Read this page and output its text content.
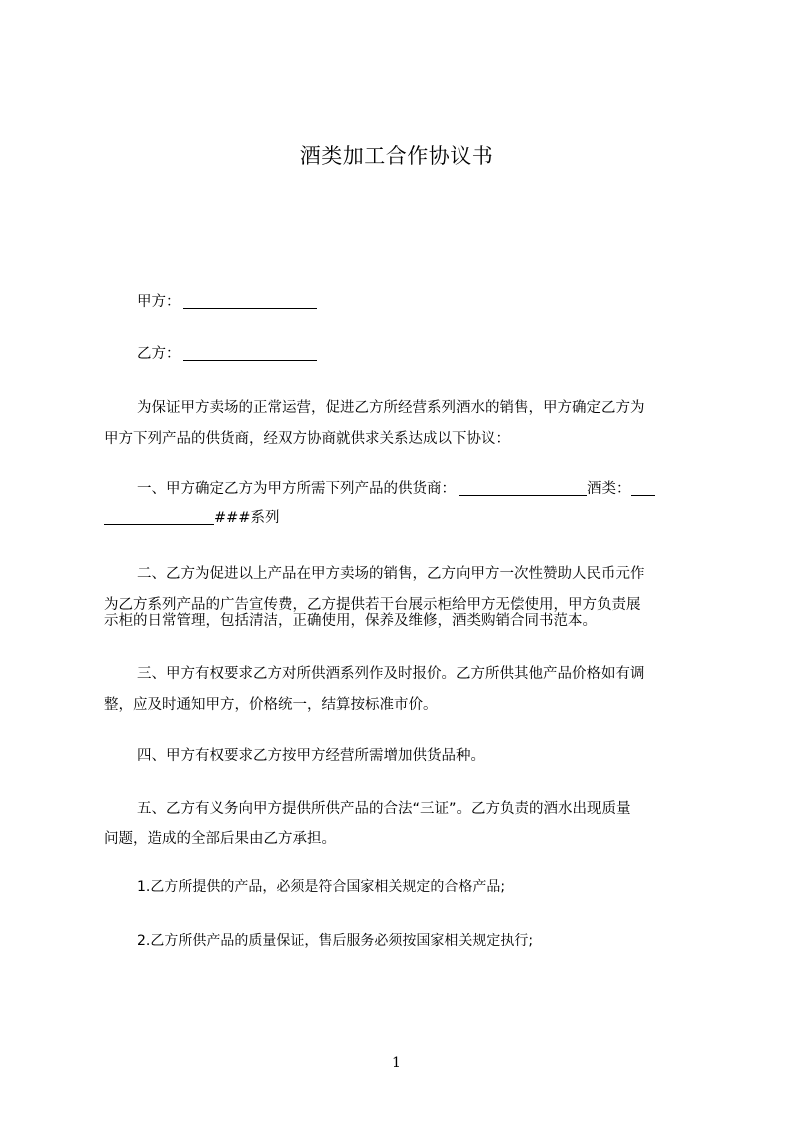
酒类加工合作协议书
甲方：
乙方：
为保证甲方卖场的正常运营，促进乙方所经营系列酒水的销售，甲方确定乙方为
甲方下列产品的供货商，经双方协商就供求关系达成以下协议：
一、甲方确定乙方为甲方所需下列产品的供货商：	酒类：
###系列
二、乙方为促进以上产品在甲方卖场的销售，乙方向甲方一次性赞助人民币元作
为乙方系列产品的广告宣传费，乙方提供若干台展示柜给甲方无偿使用，甲方负责展
示柜的日常管理，包括清洁，正确使用，保养及维修，酒类购销合同书范本。
三、甲方有权要求乙方对所供酒系列作及时报价。乙方所供其他产品价格如有调
整，应及时通知甲方，价格统一，结算按标准市价。
四、甲方有权要求乙方按甲方经营所需增加供货品种。
五、乙方有义务向甲方提供所供产品的合法“三证”。乙方负责的酒水出现质量
问题，造成的全部后果由乙方承担。
1.乙方所提供的产品，必须是符合国家相关规定的合格产品;
2.乙方所供产品的质量保证，售后服务必须按国家相关规定执行;
1
